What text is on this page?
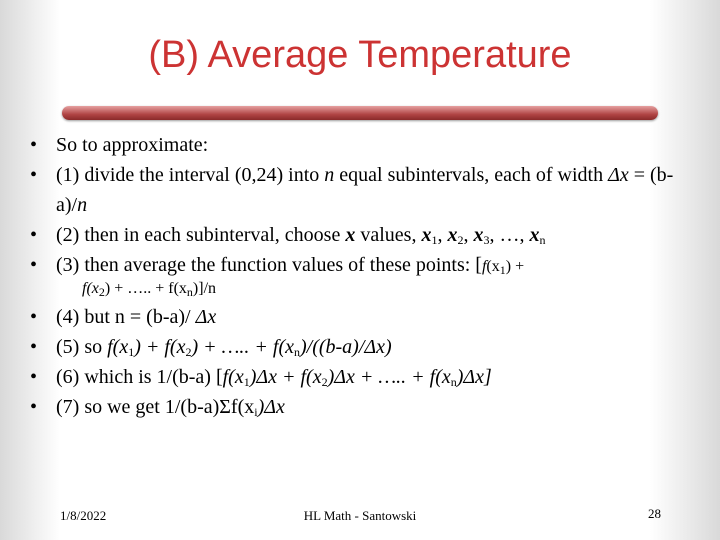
(B) Average Temperature
• So to approximate:
• (1) divide the interval (0,24) into n equal subintervals, each of width Δx = (b-a)/n
• (2) then in each subinterval, choose x values, $x_1$, $x_2$, $x_3$, …, $x_n$
• (3) then average the function values of these points: [$f(x_1)$ +
$f(x_2)$ + ….. + $f(x_n)]/n$
• (4) but n = (b-a)/ Δx
• (5) so $f(x_1) + f(x_2)$ + ….. + $f(x_n)/((b-a)/\Delta x)$
• (6) which is 1/(b-a) [$f(x_1)\Delta x + f(x_2)\Delta x$ + ….. + $f(x_n)\Delta x$]
• (7) so we get $1/(b-a)\Sigma f(x_i)\Delta x$
1/8/2022	HL Math - Santowski	28
